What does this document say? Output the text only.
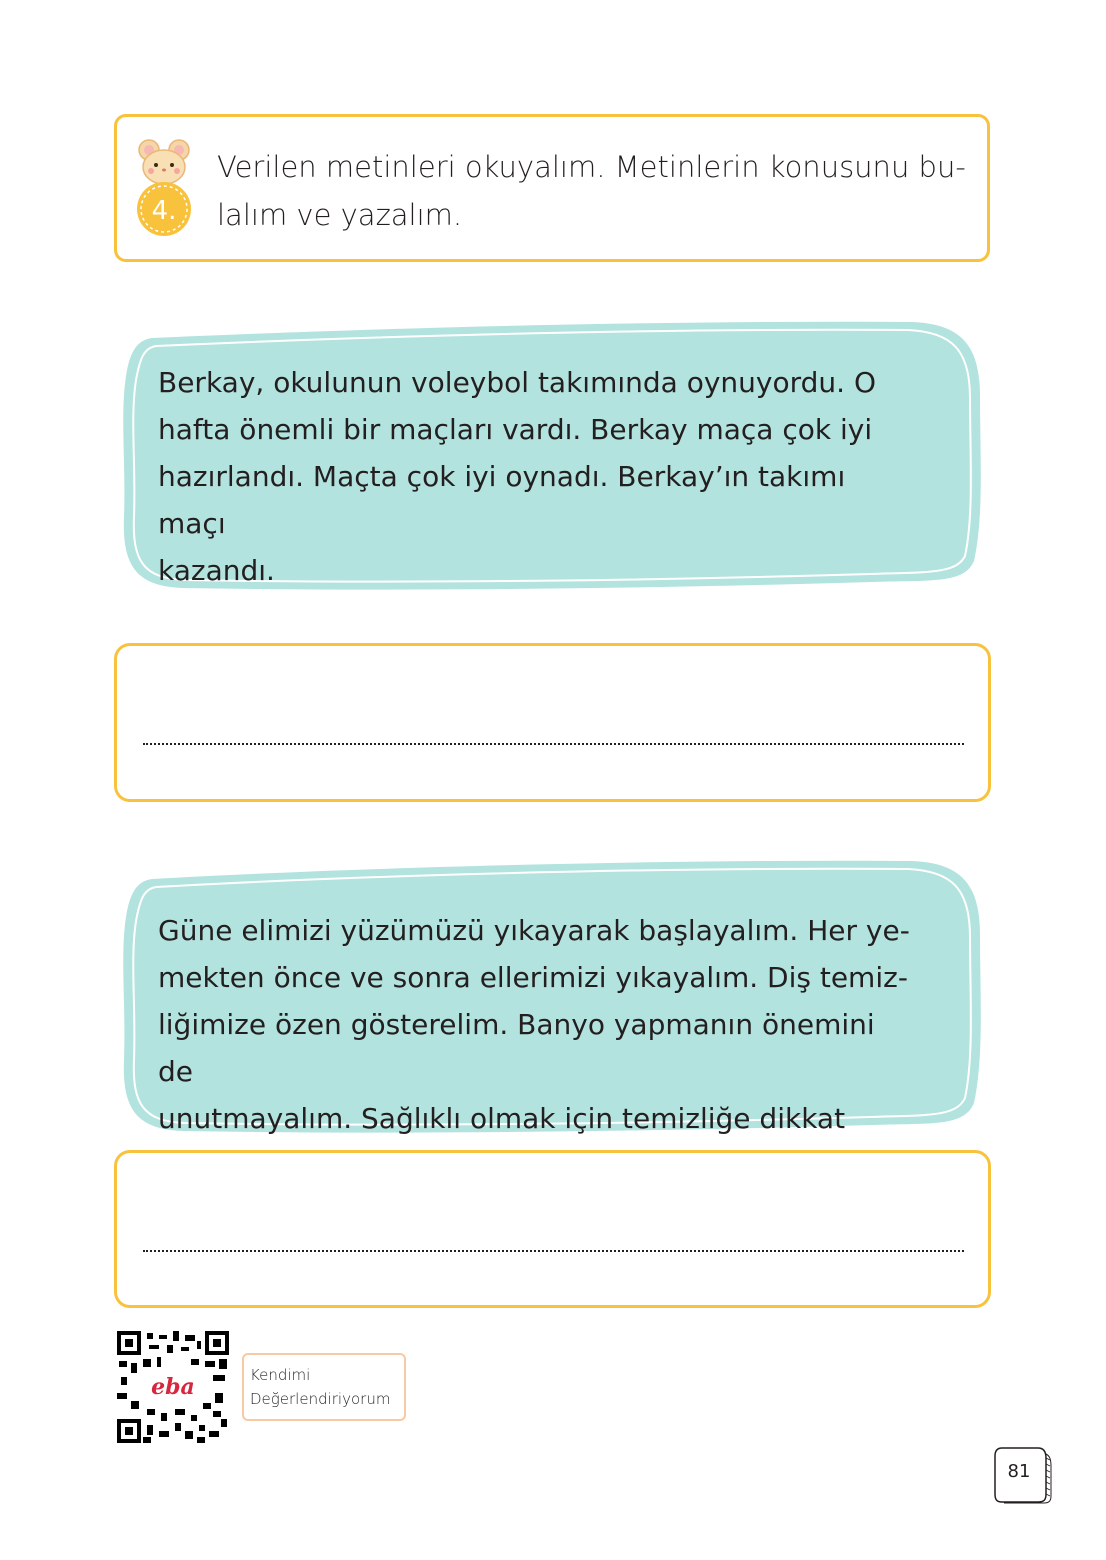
4.
Verilen metinleri okuyalım. Metinlerin konusunu bu-
lalım ve yazalım.
Berkay, okulunun voleybol takımında oynuyordu. O
hafta önemli bir maçları vardı. Berkay maça çok iyi
hazırlandı. Maçta çok iyi oynadı. Berkay’ın takımı maçı
kazandı.
Güne elimizi yüzümüzü yıkayarak başlayalım. Her ye-
mekten önce ve sonra ellerimizi yıkayalım. Diş temiz-
liğimize özen gösterelim. Banyo yapmanın önemini de
unutmayalım. Sağlıklı olmak için temizliğe dikkat
eba	Kendimi
Değerlendiriyorum
81
